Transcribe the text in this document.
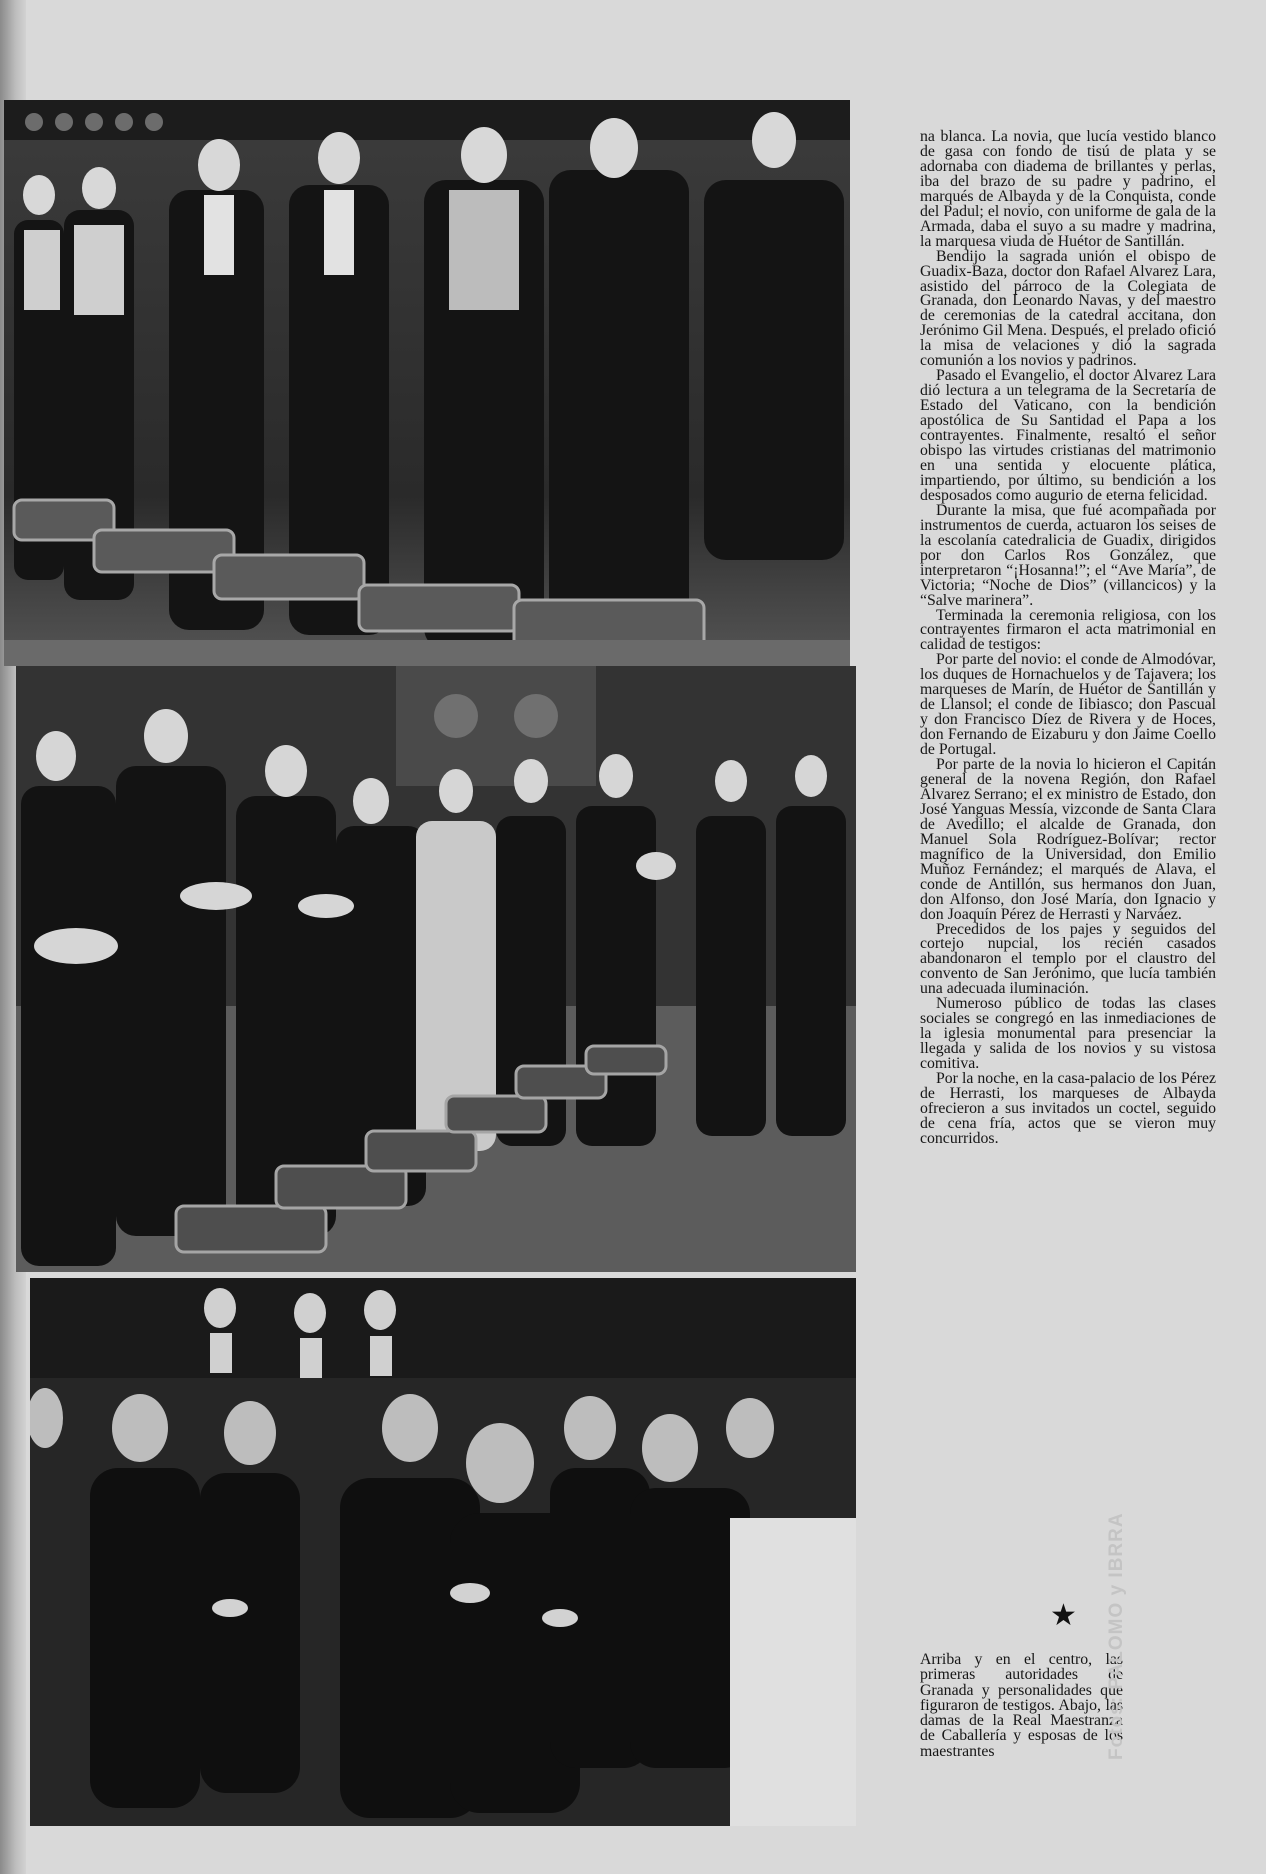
na blanca. La novia, que lucía vestido blanco de gasa con fondo de tisú de plata y se adornaba con diadema de brillantes y perlas, iba del brazo de su padre y padrino, el marqués de Albayda y de la Conquista, conde del Padul; el novio, con uniforme de gala de la Armada, daba el suyo a su madre y madrina, la marquesa viuda de Huétor de Santillán.

Bendijo la sagrada unión el obispo de Guadix-Baza, doctor don Rafael Alvarez Lara, asistido del párroco de la Colegiata de Granada, don Leonardo Navas, y del maestro de ceremonias de la catedral accitana, don Jerónimo Gil Mena. Después, el prelado ofició la misa de velaciones y dió la sagrada comunión a los novios y padrinos.

Pasado el Evangelio, el doctor Alvarez Lara dió lectura a un telegrama de la Secretaría de Estado del Vaticano, con la bendición apostólica de Su Santidad el Papa a los contrayentes. Finalmente, resaltó el señor obispo las virtudes cristianas del matrimonio en una sentida y elocuente plática, impartiendo, por último, su bendición a los desposados como augurio de eterna felicidad.

Durante la misa, que fué acompañada por instrumentos de cuerda, actuaron los seises de la escolanía catedralicia de Guadix, dirigidos por don Carlos Ros González, que interpretaron “¡Hosanna!”; el “Ave María”, de Victoria; “Noche de Dios” (villancicos) y la “Salve marinera”.

Terminada la ceremonia religiosa, con los contrayentes firmaron el acta matrimonial en calidad de testigos:

Por parte del novio: el conde de Almodóvar, los duques de Hornachuelos y de Tajavera; los marqueses de Marín, de Huétor de Santillán y de Llansol; el conde de Iibiasco; don Pascual y don Francisco Díez de Rivera y de Hoces, don Fernando de Eizaburu y don Jaime Coello de Portugal.

Por parte de la novia lo hicieron el Capitán general de la novena Región, don Rafael Alvarez Serrano; el ex ministro de Estado, don José Yanguas Messía, vizconde de Santa Clara de Avedillo; el alcalde de Granada, don Manuel Sola Rodríguez-Bolívar; rector magnífico de la Universidad, don Emilio Muñoz Fernández; el marqués de Alava, el conde de Antillón, sus hermanos don Juan, don Alfonso, don José María, don Ignacio y don Joaquín Pérez de Herrasti y Narváez.

Precedidos de los pajes y seguidos del cortejo nupcial, los recién casados abandonaron el templo por el claustro del convento de San Jerónimo, que lucía también una adecuada iluminación.

Numeroso público de todas las clases sociales se congregó en las inmediaciones de la iglesia monumental para presenciar la llegada y salida de los novios y su vistosa comitiva.

Por la noche, en la casa-palacio de los Pérez de Herrasti, los marqueses de Albayda ofrecieron a sus invitados un coctel, seguido de cena fría, actos que se vieron muy concurridos.

★
Arriba y en el centro, las primeras autoridades de Granada y personalidades que figuraron de testigos. Abajo, las damas de la Real Maestranza de Caballería y esposas de los maestrantes	Fotos: PALOMO y IBRRA
